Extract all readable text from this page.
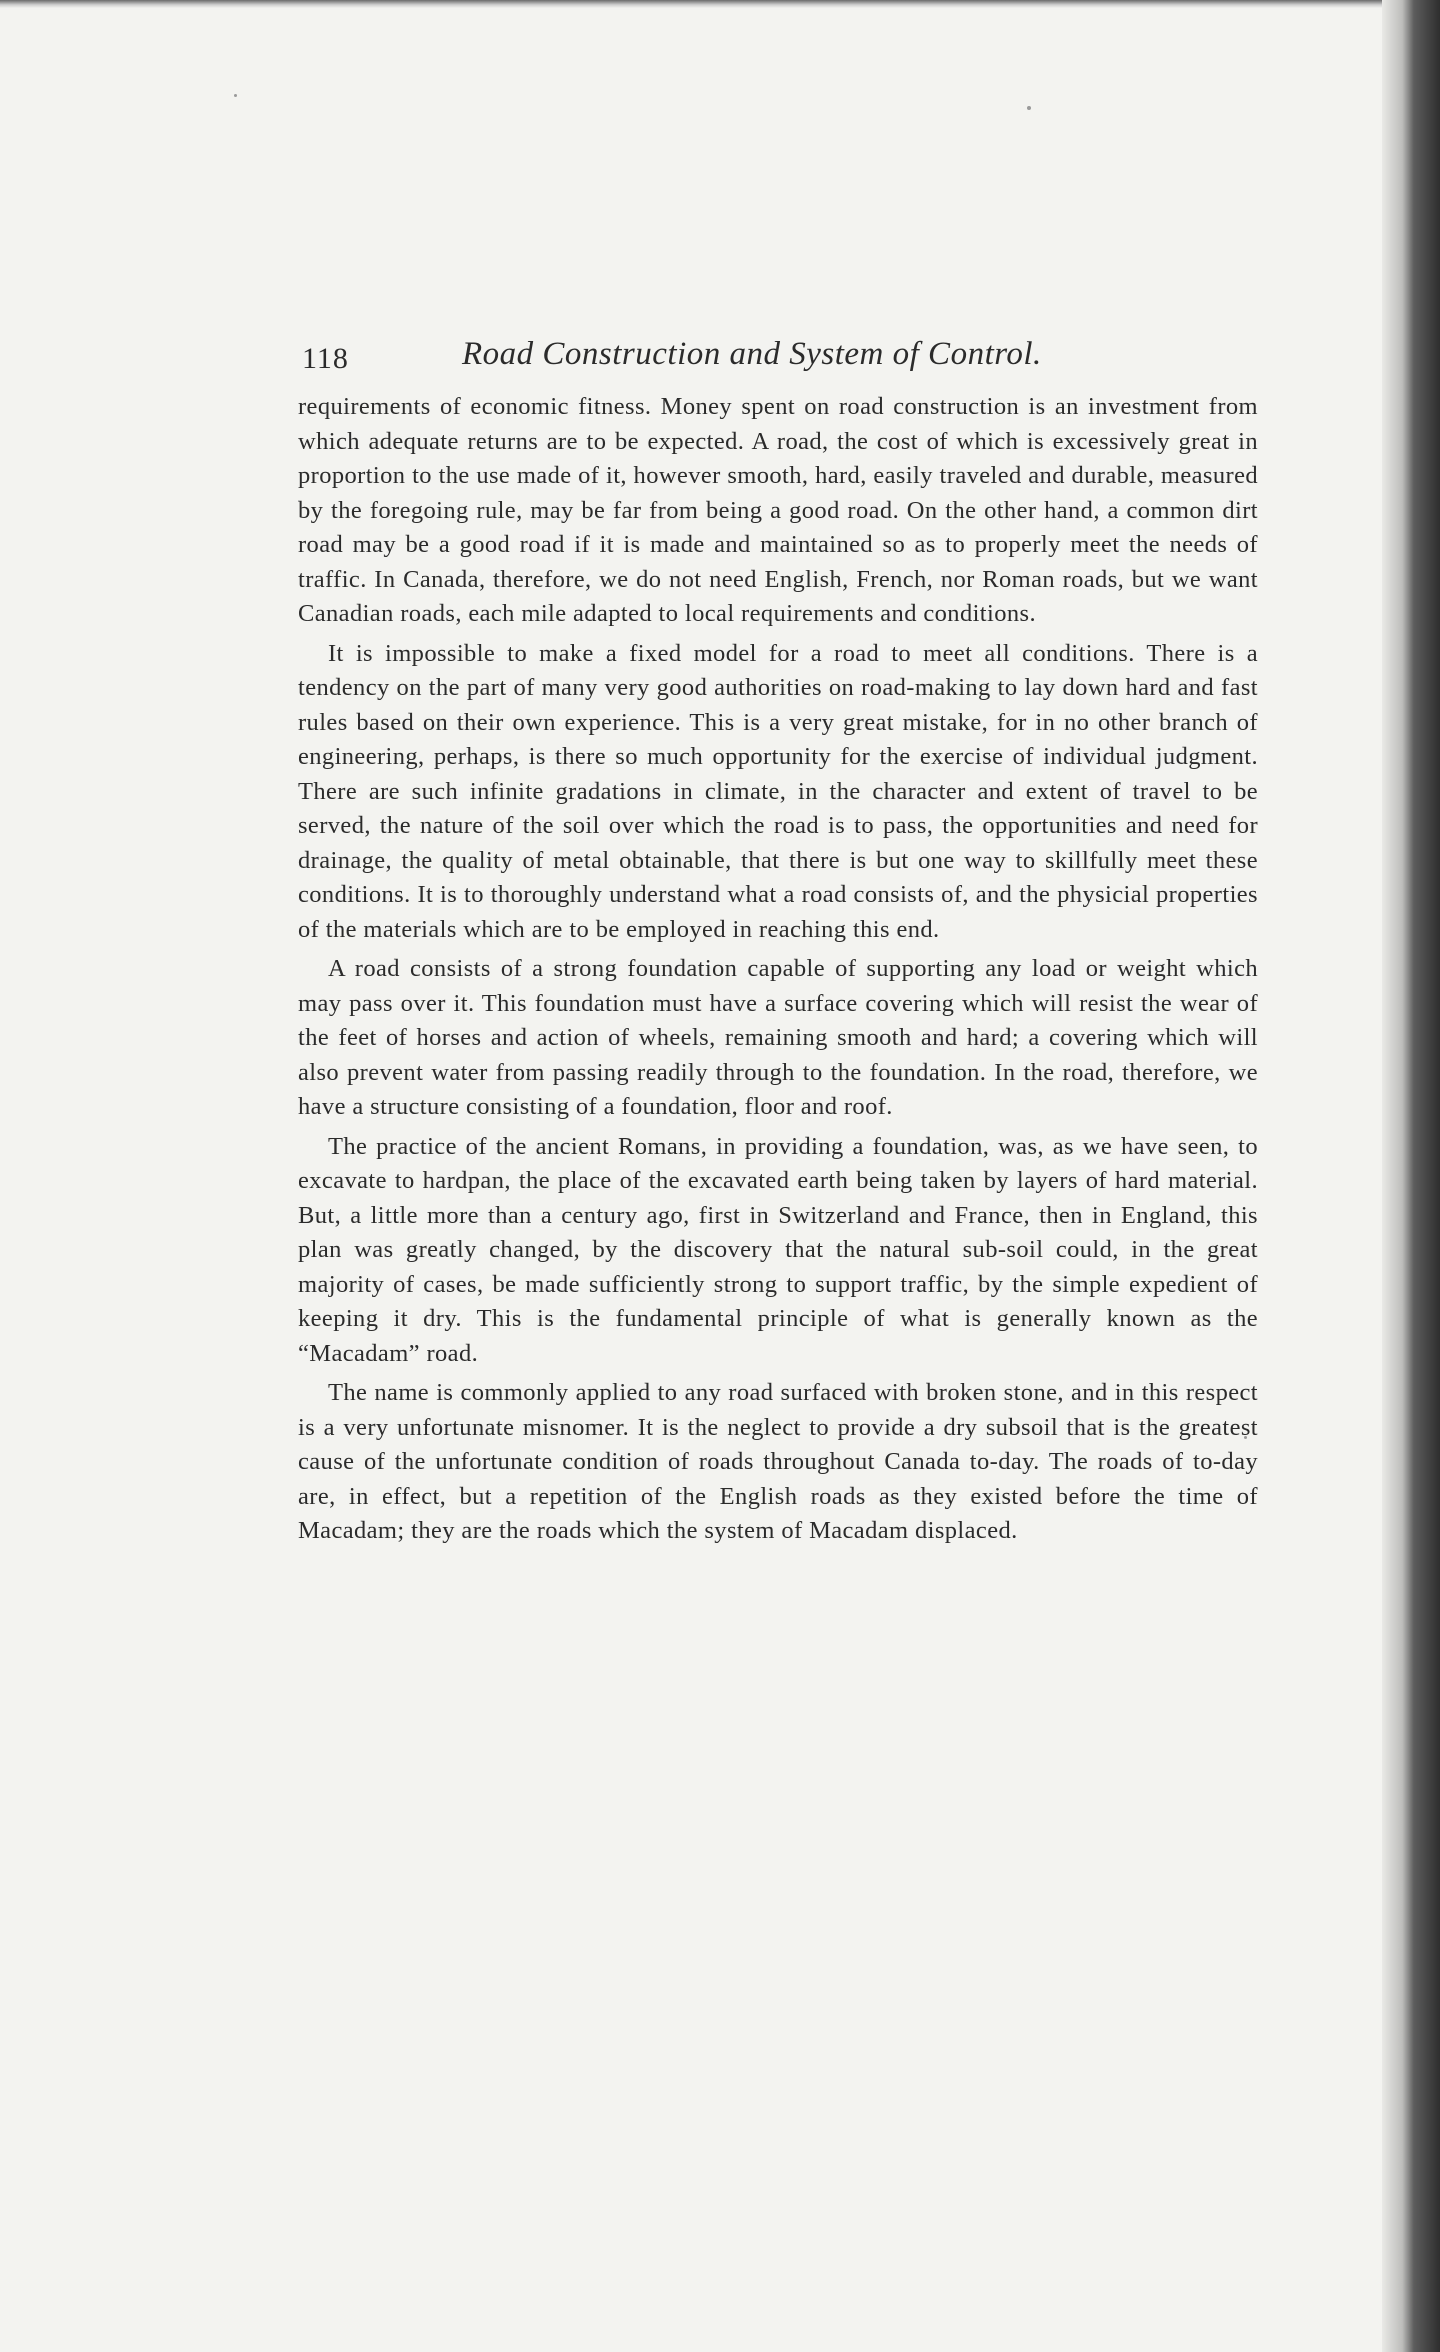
118	Road Construction and System of Control.

requirements of economic fitness. Money spent on road construction is an investment from which adequate returns are to be expected. A road, the cost of which is excessively great in proportion to the use made of it, however smooth, hard, easily traveled and durable, measured by the foregoing rule, may be far from being a good road. On the other hand, a common dirt road may be a good road if it is made and maintained so as to properly meet the needs of traffic. In Canada, therefore, we do not need English, French, nor Roman roads, but we want Canadian roads, each mile adapted to local requirements and conditions.

It is impossible to make a fixed model for a road to meet all conditions. There is a tendency on the part of many very good authorities on road-making to lay down hard and fast rules based on their own experience. This is a very great mistake, for in no other branch of engineering, perhaps, is there so much opportunity for the exercise of individual judgment. There are such infinite gradations in climate, in the character and extent of travel to be served, the nature of the soil over which the road is to pass, the opportunities and need for drainage, the quality of metal obtainable, that there is but one way to skillfully meet these conditions. It is to thoroughly understand what a road consists of, and the physicial properties of the materials which are to be employed in reaching this end.

A road consists of a strong foundation capable of supporting any load or weight which may pass over it. This foundation must have a surface covering which will resist the wear of the feet of horses and action of wheels, remaining smooth and hard; a covering which will also prevent water from passing readily through to the foundation. In the road, therefore, we have a structure consisting of a foundation, floor and roof.

The practice of the ancient Romans, in providing a foundation, was, as we have seen, to excavate to hardpan, the place of the excavated earth being taken by layers of hard material. But, a little more than a century ago, first in Switzerland and France, then in England, this plan was greatly changed, by the discovery that the natural sub-soil could, in the great majority of cases, be made sufficiently strong to support traffic, by the simple expedient of keeping it dry. This is the fundamental principle of what is generally known as the “Macadam” road.

The name is commonly applied to any road surfaced with broken stone, and in this respect is a very unfortunate misnomer. It is the neglect to provide a dry subsoil that is the greatest cause of the unfortunate condition of roads throughout Canada to-day. The roads of to-day are, in effect, but a repetition of the English roads as they existed before the time of Macadam; they are the roads which the system of Macadam displaced.
